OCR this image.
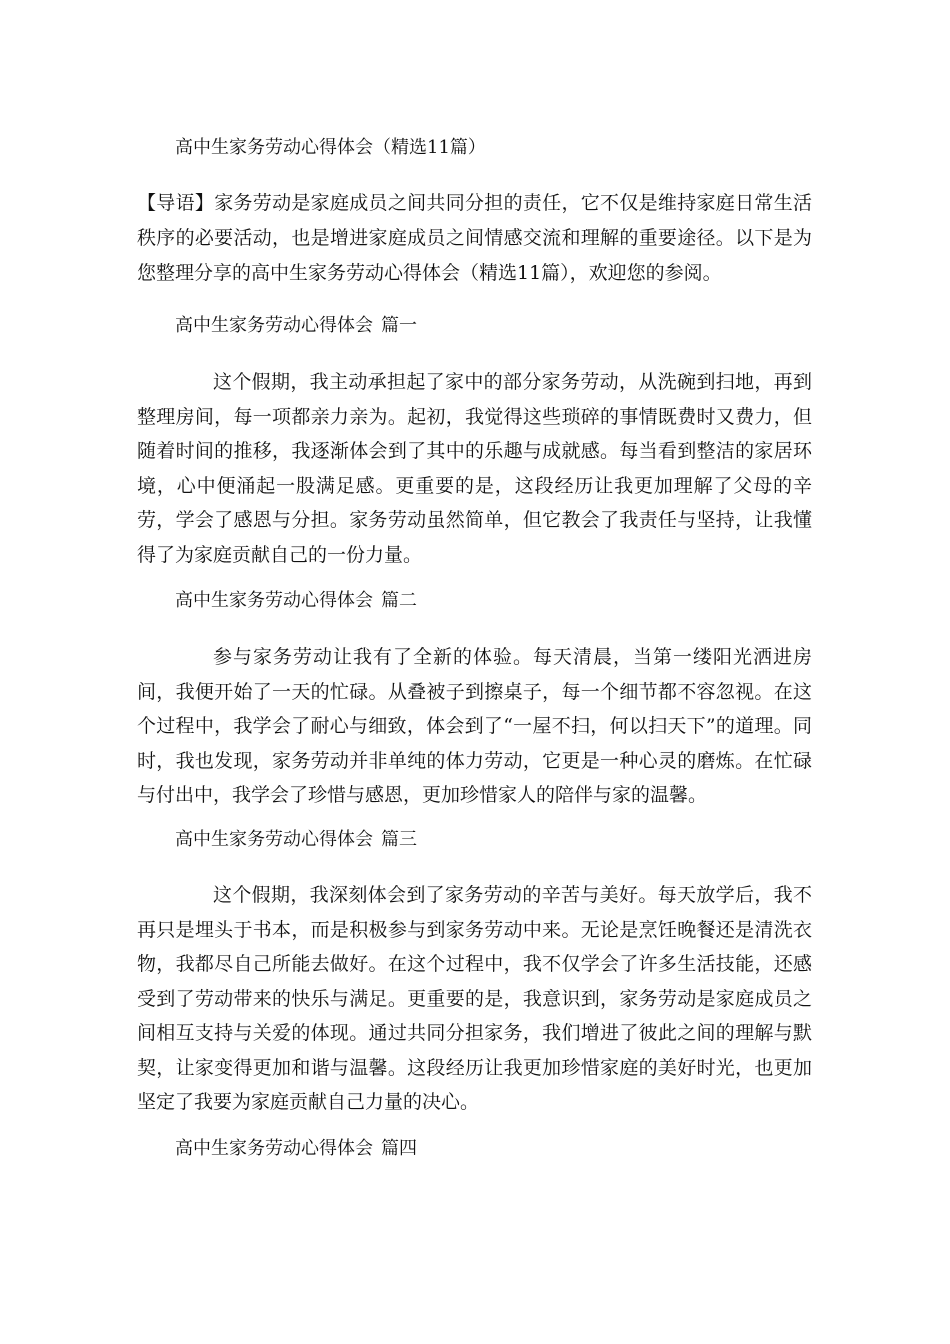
高中生家务劳动心得体会（精选11篇）
【导语】家务劳动是家庭成员之间共同分担的责任，它不仅是维持家庭日常生活秩序的必要活动，也是增进家庭成员之间情感交流和理解的重要途径。以下是为您整理分享的高中生家务劳动心得体会（精选11篇），欢迎您的参阅。
高中生家务劳动心得体会 篇一

这个假期，我主动承担起了家中的部分家务劳动，从洗碗到扫地，再到整理房间，每一项都亲力亲为。起初，我觉得这些琐碎的事情既费时又费力，但随着时间的推移，我逐渐体会到了其中的乐趣与成就感。每当看到整洁的家居环境，心中便涌起一股满足感。更重要的是，这段经历让我更加理解了父母的辛劳，学会了感恩与分担。家务劳动虽然简单，但它教会了我责任与坚持，让我懂得了为家庭贡献自己的一份力量。

高中生家务劳动心得体会 篇二

参与家务劳动让我有了全新的体验。每天清晨，当第一缕阳光洒进房间，我便开始了一天的忙碌。从叠被子到擦桌子，每一个细节都不容忽视。在这个过程中，我学会了耐心与细致，体会到了“一屋不扫，何以扫天下”的道理。同时，我也发现，家务劳动并非单纯的体力劳动，它更是一种心灵的磨炼。在忙碌与付出中，我学会了珍惜与感恩，更加珍惜家人的陪伴与家的温馨。

高中生家务劳动心得体会 篇三

这个假期，我深刻体会到了家务劳动的辛苦与美好。每天放学后，我不再只是埋头于书本，而是积极参与到家务劳动中来。无论是烹饪晚餐还是清洗衣物，我都尽自己所能去做好。在这个过程中，我不仅学会了许多生活技能，还感受到了劳动带来的快乐与满足。更重要的是，我意识到，家务劳动是家庭成员之间相互支持与关爱的体现。通过共同分担家务，我们增进了彼此之间的理解与默契，让家变得更加和谐与温馨。这段经历让我更加珍惜家庭的美好时光，也更加坚定了我要为家庭贡献自己力量的决心。

高中生家务劳动心得体会 篇四
